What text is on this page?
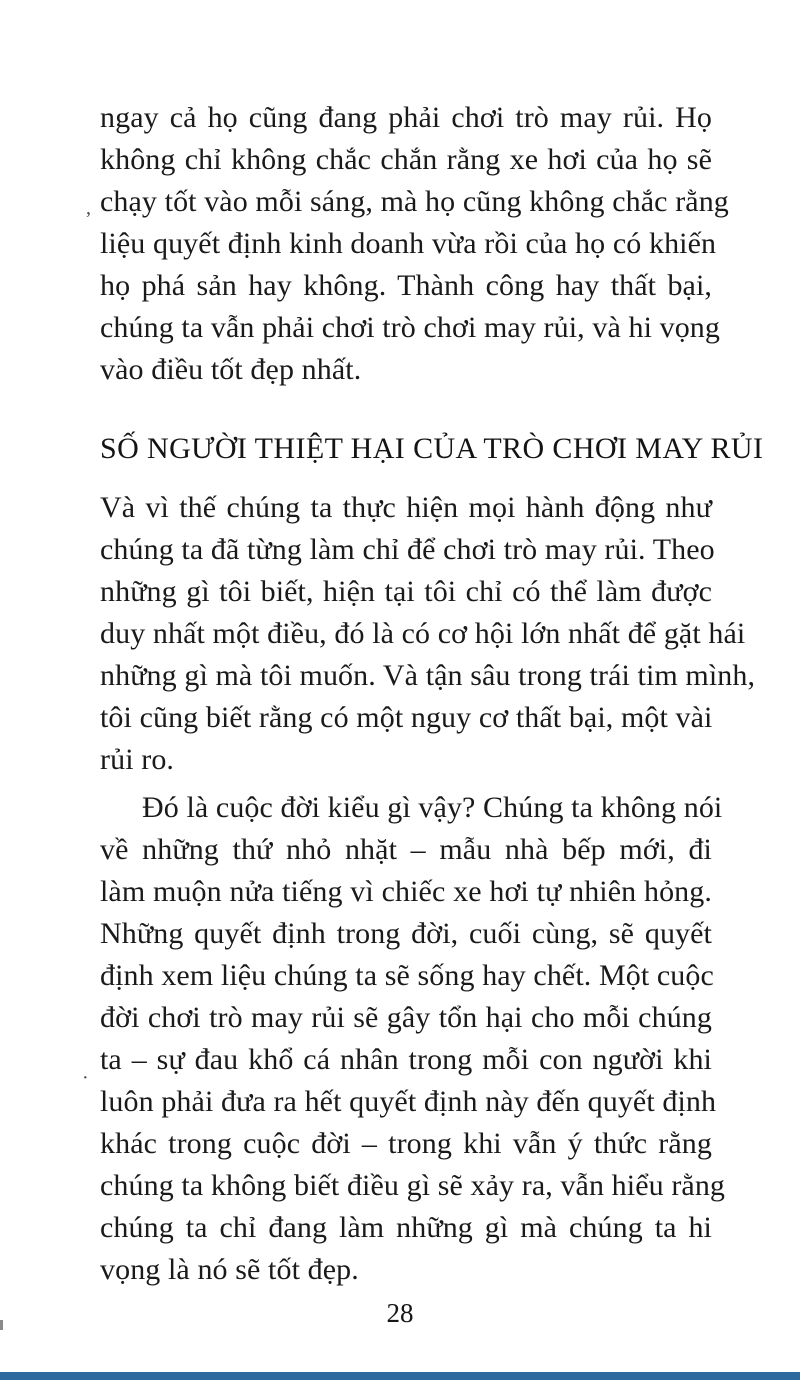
ngay cả họ cũng đang phải chơi trò may rủi. Họ
không chỉ không chắc chắn rằng xe hơi của họ sẽ
chạy tốt vào mỗi sáng, mà họ cũng không chắc rằng
liệu quyết định kinh doanh vừa rồi của họ có khiến
họ phá sản hay không. Thành công hay thất bại,
chúng ta vẫn phải chơi trò chơi may rủi, và hi vọng
vào điều tốt đẹp nhất.
SỐ NGƯỜI THIỆT HẠI CỦA TRÒ CHƠI MAY RỦI
Và vì thế chúng ta thực hiện mọi hành động như
chúng ta đã từng làm chỉ để chơi trò may rủi. Theo
những gì tôi biết, hiện tại tôi chỉ có thể làm được
duy nhất một điều, đó là có cơ hội lớn nhất để gặt hái
những gì mà tôi muốn. Và tận sâu trong trái tim mình,
tôi cũng biết rằng có một nguy cơ thất bại, một vài
rủi ro.
Đó là cuộc đời kiểu gì vậy? Chúng ta không nói
về những thứ nhỏ nhặt – mẫu nhà bếp mới, đi
làm muộn nửa tiếng vì chiếc xe hơi tự nhiên hỏng.
Những quyết định trong đời, cuối cùng, sẽ quyết
định xem liệu chúng ta sẽ sống hay chết. Một cuộc
đời chơi trò may rủi sẽ gây tổn hại cho mỗi chúng
ta – sự đau khổ cá nhân trong mỗi con người khi
luôn phải đưa ra hết quyết định này đến quyết định
khác trong cuộc đời – trong khi vẫn ý thức rằng
chúng ta không biết điều gì sẽ xảy ra, vẫn hiểu rằng
chúng ta chỉ đang làm những gì mà chúng ta hi
vọng là nó sẽ tốt đẹp.
28
,
·
